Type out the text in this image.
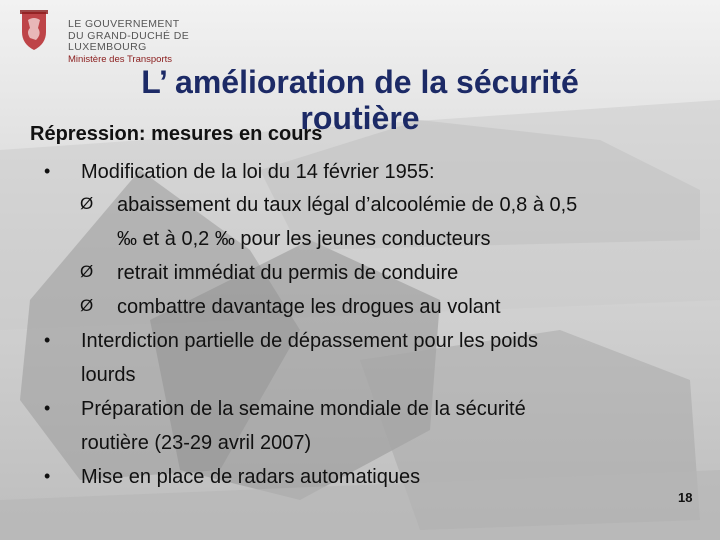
LE GOUVERNEMENT
DU GRAND-DUCHÉ DE LUXEMBOURG
Ministère des Transports
L’ amélioration de la sécurité
routière
Répression: mesures en cours
• Modification de la loi du 14 février 1955:
Ø abaissement du taux légal d’alcoolémie de 0,8 à 0,5
‰ et à 0,2 ‰ pour les jeunes conducteurs
Ø retrait immédiat du permis de conduire
Ø combattre davantage les drogues au volant
• Interdiction partielle de dépassement pour les poids
lourds
• Préparation de la semaine mondiale de la sécurité
routière (23-29 avril 2007)
• Mise en place de radars automatiques
18
